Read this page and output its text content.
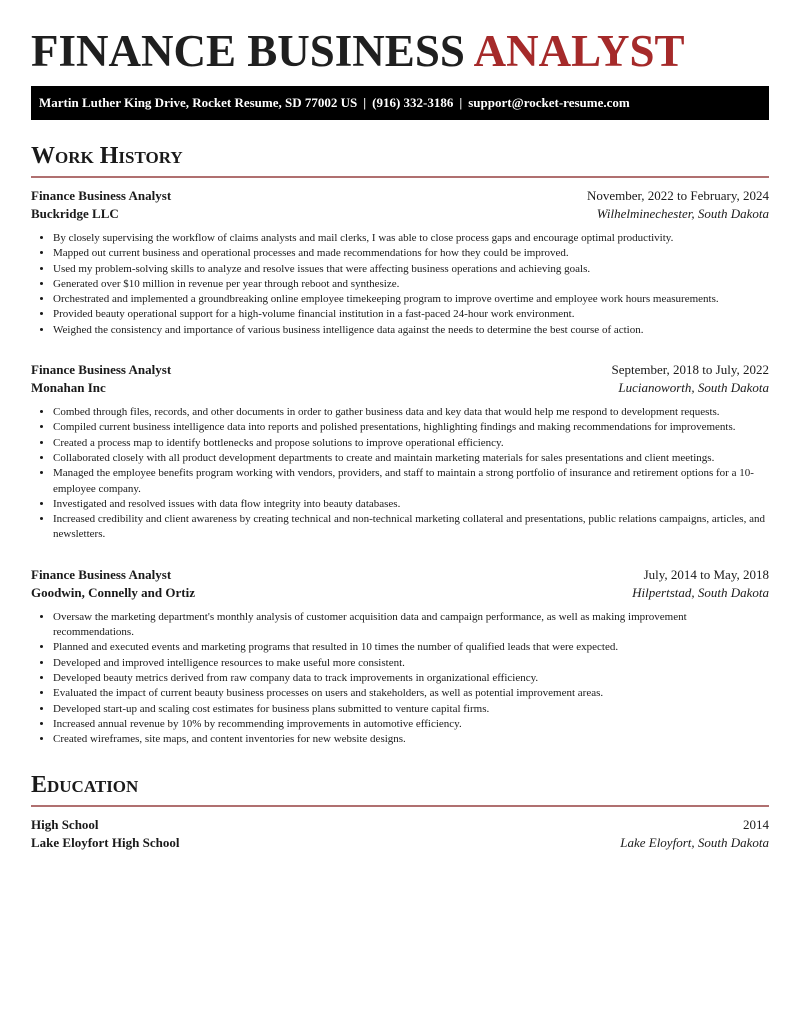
FINANCE BUSINESS ANALYST
Martin Luther King Drive, Rocket Resume, SD 77002 US | (916) 332-3186 | support@rocket-resume.com
Work History
Finance Business Analyst	November, 2022 to February, 2024
Buckridge LLC	Wilhelminechester, South Dakota
• By closely supervising the workflow of claims analysts and mail clerks, I was able to close process gaps and encourage optimal productivity.
• Mapped out current business and operational processes and made recommendations for how they could be improved.
• Used my problem-solving skills to analyze and resolve issues that were affecting business operations and achieving goals.
• Generated over $10 million in revenue per year through reboot and synthesize.
• Orchestrated and implemented a groundbreaking online employee timekeeping program to improve overtime and employee work hours measurements.
• Provided beauty operational support for a high-volume financial institution in a fast-paced 24-hour work environment.
• Weighed the consistency and importance of various business intelligence data against the needs to determine the best course of action.
Finance Business Analyst	September, 2018 to July, 2022
Monahan Inc	Lucianoworth, South Dakota
• Combed through files, records, and other documents in order to gather business data and key data that would help me respond to development requests.
• Compiled current business intelligence data into reports and polished presentations, highlighting findings and making recommendations for improvements.
• Created a process map to identify bottlenecks and propose solutions to improve operational efficiency.
• Collaborated closely with all product development departments to create and maintain marketing materials for sales presentations and client meetings.
• Managed the employee benefits program working with vendors, providers, and staff to maintain a strong portfolio of insurance and retirement options for a 10-employee company.
• Investigated and resolved issues with data flow integrity into beauty databases.
• Increased credibility and client awareness by creating technical and non-technical marketing collateral and presentations, public relations campaigns, articles, and newsletters.
Finance Business Analyst	July, 2014 to May, 2018
Goodwin, Connelly and Ortiz	Hilpertstad, South Dakota
• Oversaw the marketing department's monthly analysis of customer acquisition data and campaign performance, as well as making improvement recommendations.
• Planned and executed events and marketing programs that resulted in 10 times the number of qualified leads that were expected.
• Developed and improved intelligence resources to make useful more consistent.
• Developed beauty metrics derived from raw company data to track improvements in organizational efficiency.
• Evaluated the impact of current beauty business processes on users and stakeholders, as well as potential improvement areas.
• Developed start-up and scaling cost estimates for business plans submitted to venture capital firms.
• Increased annual revenue by 10% by recommending improvements in automotive efficiency.
• Created wireframes, site maps, and content inventories for new website designs.
Education
High School	2014
Lake Eloyfort High School	Lake Eloyfort, South Dakota
